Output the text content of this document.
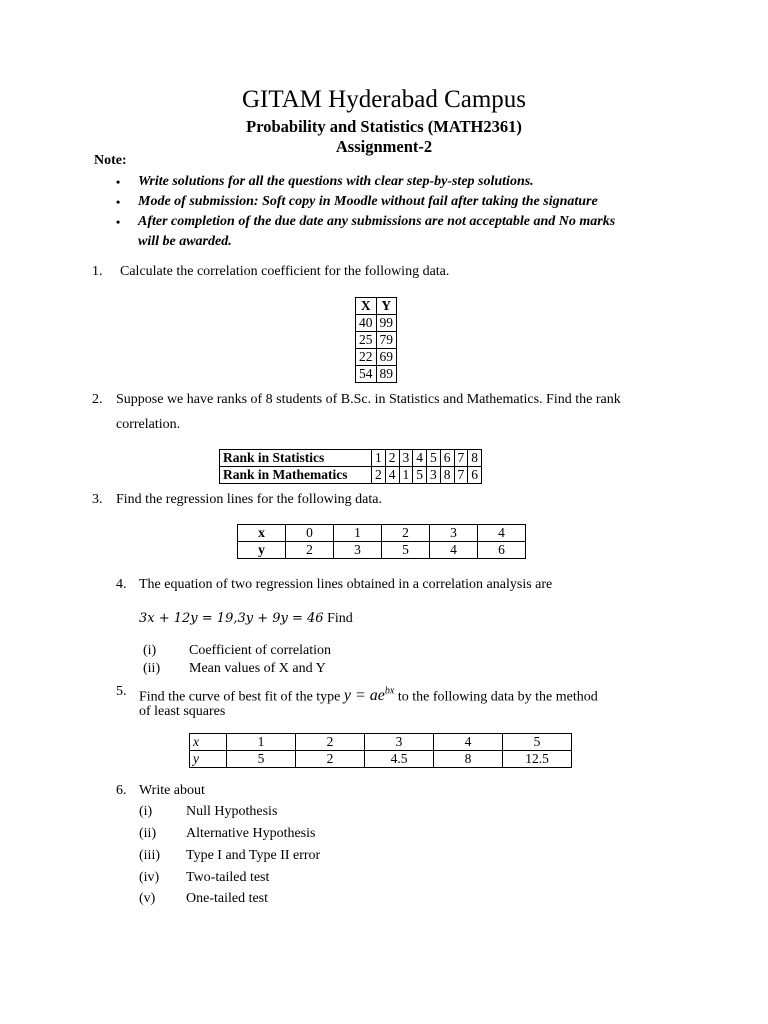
GITAM Hyderabad Campus
Probability and Statistics (MATH2361)
Assignment-2
Note:
• Write solutions for all the questions with clear step-by-step solutions.
• Mode of submission: Soft copy in Moodle without fail after taking the signature
• After completion of the due date any submissions are not acceptable and No marks
will be awarded.
1. Calculate the correlation coefficient for the following data.
X	Y
40	99
25	79
22	69
54	89
2. Suppose we have ranks of 8 students of B.Sc. in Statistics and Mathematics. Find the rank
correlation.
Rank in Statistics	1	2	3	4	5	6	7	8
Rank in Mathematics	2	4	1	5	3	8	7	6
3. Find the regression lines for the following data.
x	0	1	2	3	4
y	2	3	5	4	6
4. The equation of two regression lines obtained in a correlation analysis are
3x + 12y = 19,3y + 9y = 46 Find
(i) Coefficient of correlation
(ii) Mean values of X and Y
5. Find the curve of best fit of the type $y = ae^{bx}$ to the following data by the method
of least squares
x	1	2	3	4	5
y	5	2	4.5	8	12.5
6. Write about
(i) Null Hypothesis
(ii) Alternative Hypothesis
(iii) Type I and Type II error
(iv) Two-tailed test
(v) One-tailed test
